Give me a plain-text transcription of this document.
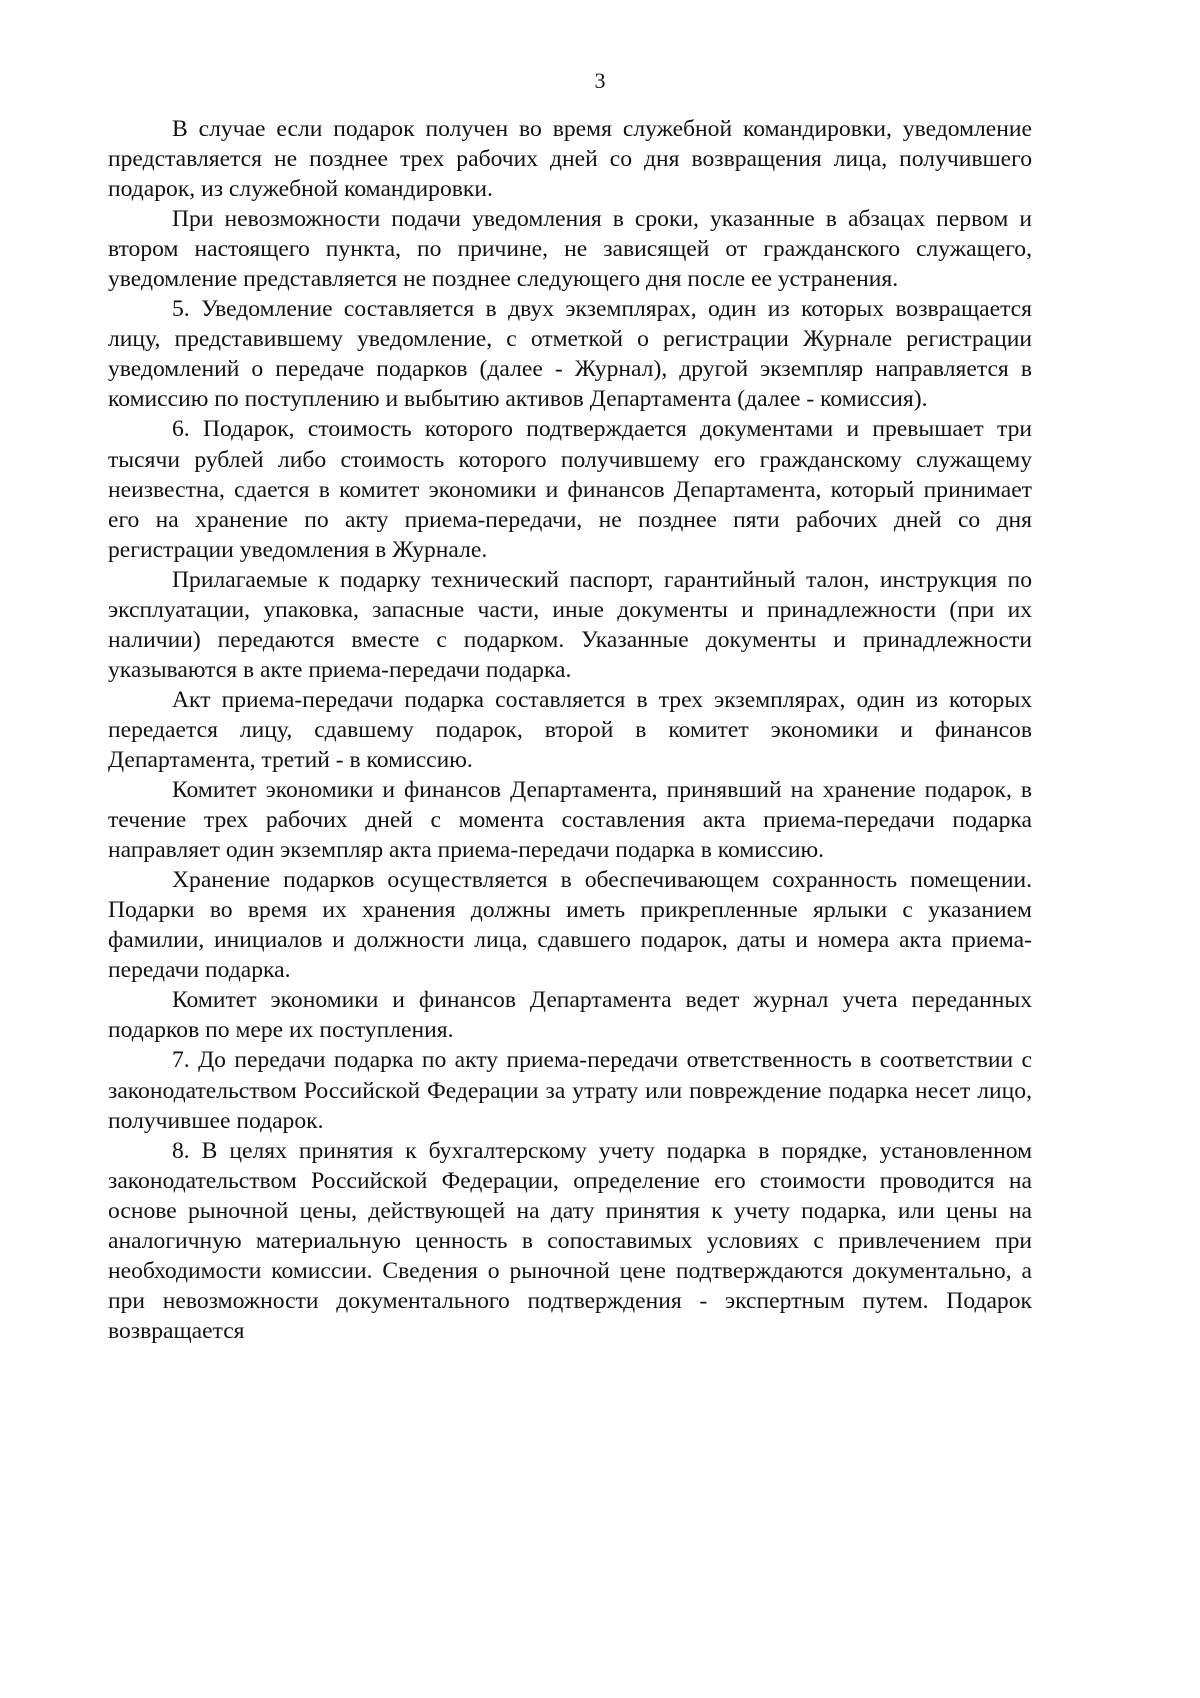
3

В случае если подарок получен во время служебной командировки, уведомление представляется не позднее трех рабочих дней со дня возвращения лица, получившего подарок, из служебной командировки.

При невозможности подачи уведомления в сроки, указанные в абзацах первом и втором настоящего пункта, по причине, не зависящей от гражданского служащего, уведомление представляется не позднее следующего дня после ее устранения.

5. Уведомление составляется в двух экземплярах, один из которых возвращается лицу, представившему уведомление, с отметкой о регистрации Журнале регистрации уведомлений о передаче подарков (далее - Журнал), другой экземпляр направляется в комиссию по поступлению и выбытию активов Департамента (далее - комиссия).

6. Подарок, стоимость которого подтверждается документами и превышает три тысячи рублей либо стоимость которого получившему его гражданскому служащему неизвестна, сдается в комитет экономики и финансов Департамента, который принимает его на хранение по акту приема-передачи, не позднее пяти рабочих дней со дня регистрации уведомления в Журнале.

Прилагаемые к подарку технический паспорт, гарантийный талон, инструкция по эксплуатации, упаковка, запасные части, иные документы и принадлежности (при их наличии) передаются вместе с подарком. Указанные документы и принадлежности указываются в акте приема-передачи подарка.

Акт приема-передачи подарка составляется в трех экземплярах, один из которых передается лицу, сдавшему подарок, второй в комитет экономики и финансов Департамента, третий - в комиссию.

Комитет экономики и финансов Департамента, принявший на хранение подарок, в течение трех рабочих дней с момента составления акта приема-передачи подарка направляет один экземпляр акта приема-передачи подарка в комиссию.

Хранение подарков осуществляется в обеспечивающем сохранность помещении. Подарки во время их хранения должны иметь прикрепленные ярлыки с указанием фамилии, инициалов и должности лица, сдавшего подарок, даты и номера акта приема-передачи подарка.

Комитет экономики и финансов Департамента ведет журнал учета переданных подарков по мере их поступления.

7. До передачи подарка по акту приема-передачи ответственность в соответствии с законодательством Российской Федерации за утрату или повреждение подарка несет лицо, получившее подарок.

8. В целях принятия к бухгалтерскому учету подарка в порядке, установленном законодательством Российской Федерации, определение его стоимости проводится на основе рыночной цены, действующей на дату принятия к учету подарка, или цены на аналогичную материальную ценность в сопоставимых условиях с привлечением при необходимости комиссии. Сведения о рыночной цене подтверждаются документально, а при невозможности документального подтверждения - экспертным путем. Подарок возвращается
